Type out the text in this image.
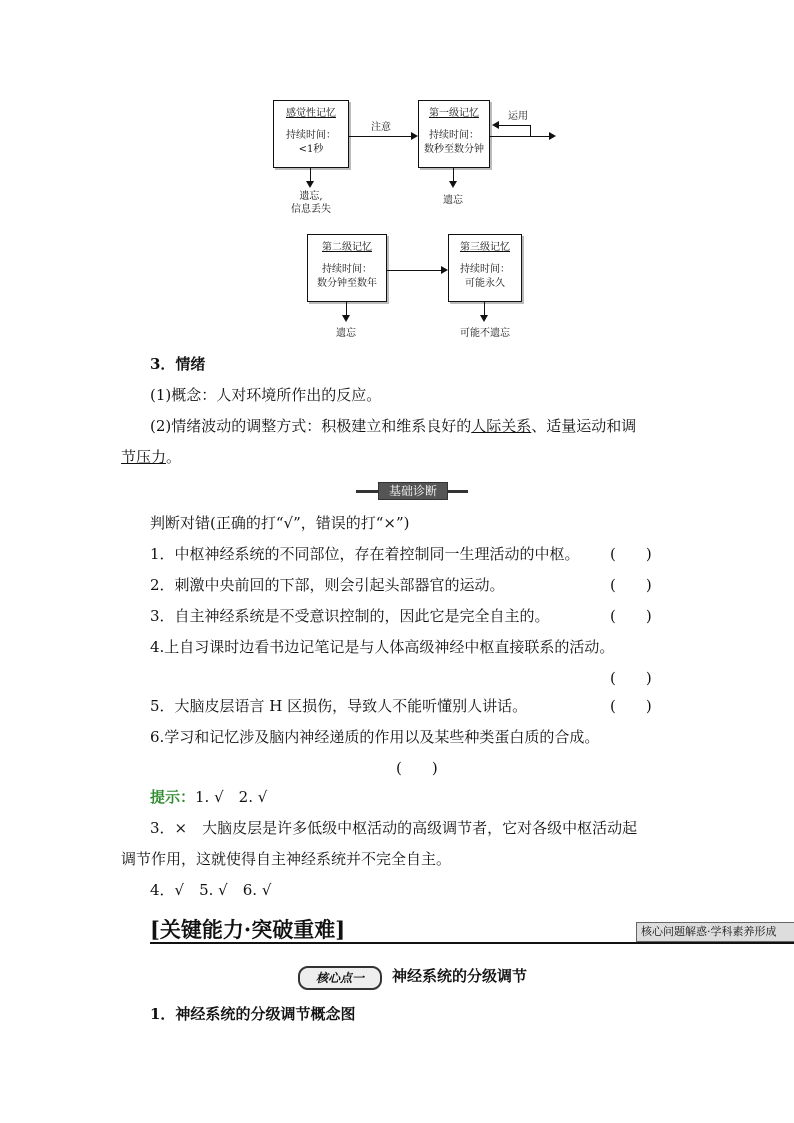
感觉性记忆
持续时间：
<1秒
第一级记忆
持续时间：
数秒至数分钟
第二级记忆
持续时间：
数分钟至数年
第三级记忆
持续时间：
可能永久
注意
运用
遗忘,
信息丢失
遗忘
遗忘	可能不遗忘
3．情绪
(1)概念：人对环境所作出的反应。
(2)情绪波动的调整方式：积极建立和维系良好的人际关系、适量运动和调
节压力。
基础诊断
判断对错(正确的打“√”，错误的打“×”)
1．中枢神经系统的不同部位，存在着控制同一生理活动的中枢。 (　　)
2．刺激中央前回的下部，则会引起头部器官的运动。	(　　)
3．自主神经系统是不受意识控制的，因此它是完全自主的。	(　　)
4.上自习课时边看书边记笔记是与人体高级神经中枢直接联系的活动。
(　　)
5．大脑皮层语言 H 区损伤，导致人不能听懂别人讲话。	(　　)
6.学习和记忆涉及脑内神经递质的作用以及某些种类蛋白质的合成。
(　　)
提示：1. √　2. √
3．×　大脑皮层是许多低级中枢活动的高级调节者，它对各级中枢活动起
调节作用，这就使得自主神经系统并不完全自主。
4．√　5. √　6. √
[关键能力·突破重难]	核心问题解惑·学科素养形成
核心点一	神经系统的分级调节
1．神经系统的分级调节概念图
